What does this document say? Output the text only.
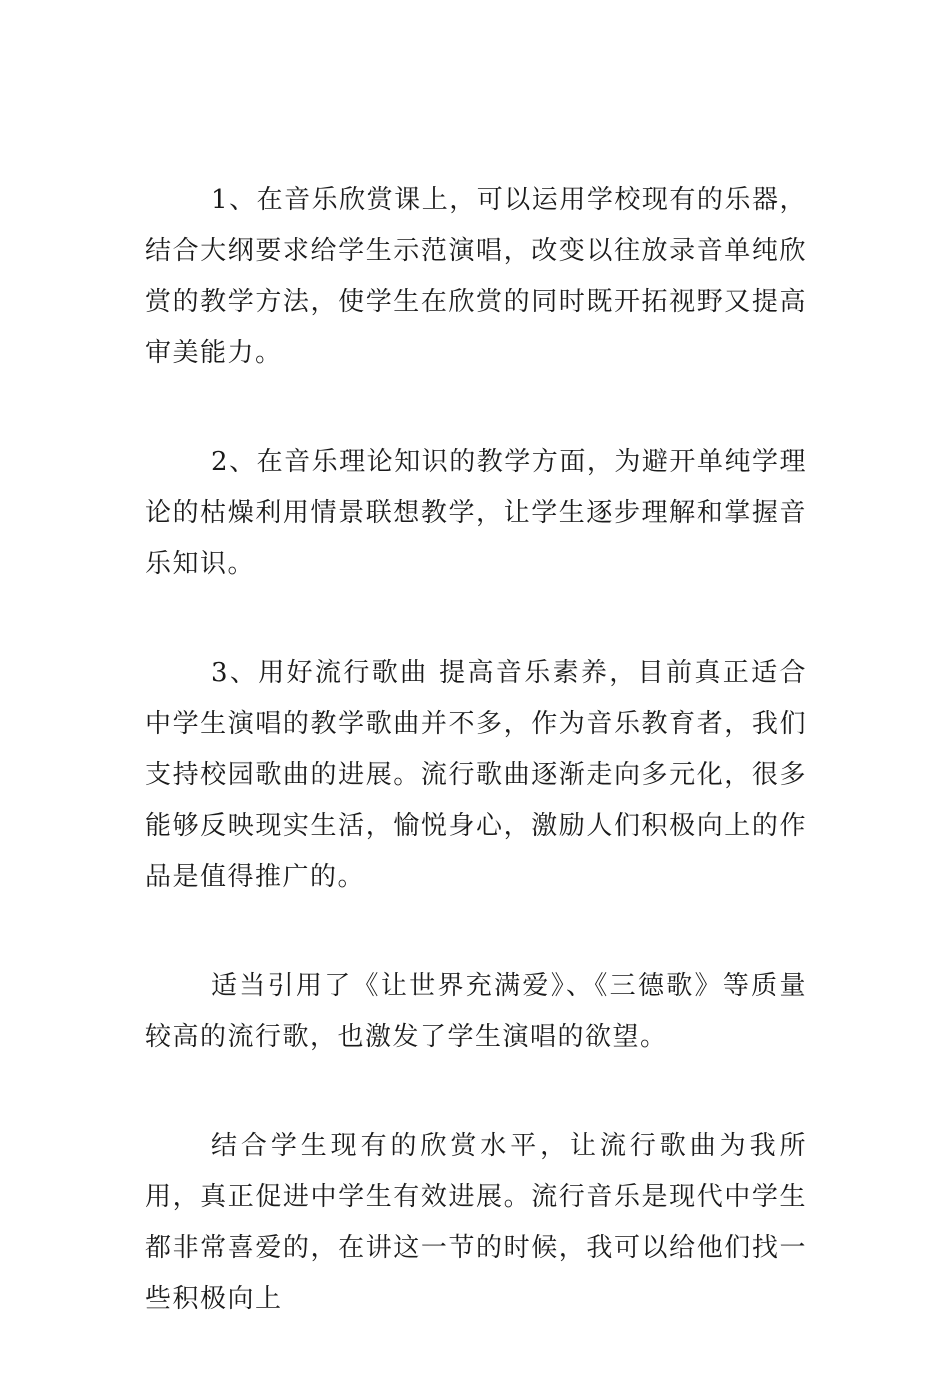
1、在音乐欣赏课上，可以运用学校现有的乐器，结合大纲要求给学生示范演唱，改变以往放录音单纯欣赏的教学方法，使学生在欣赏的同时既开拓视野又提高审美能力。

2、在音乐理论知识的教学方面，为避开单纯学理论的枯燥利用情景联想教学，让学生逐步理解和掌握音乐知识。

3、用好流行歌曲 提高音乐素养，目前真正适合中学生演唱的教学歌曲并不多，作为音乐教育者，我们支持校园歌曲的进展。流行歌曲逐渐走向多元化，很多能够反映现实生活，愉悦身心，激励人们积极向上的作品是值得推广的。

适当引用了《让世界充满爱》、《三德歌》等质量较高的流行歌，也激发了学生演唱的欲望。

结合学生现有的欣赏水平，让流行歌曲为我所用，真正促进中学生有效进展。流行音乐是现代中学生都非常喜爱的，在讲这一节的时候，我可以给他们找一些积极向上
